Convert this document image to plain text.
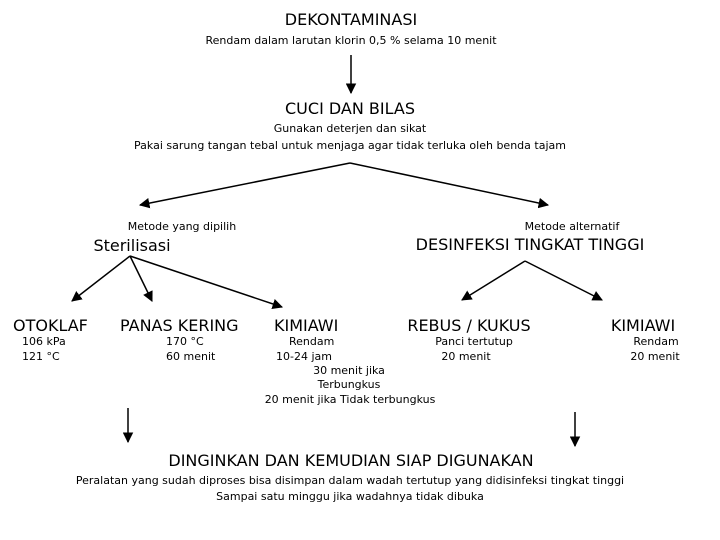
DEKONTAMINASI
Rendam dalam larutan klorin 0,5 % selama 10 menit
CUCI DAN BILAS
Gunakan deterjen dan sikat
Pakai sarung tangan tebal untuk menjaga agar tidak terluka oleh benda tajam
Metode yang dipilih
Sterilisasi
Metode alternatif
DESINFEKSI TINGKAT TINGGI
OTOKLAF
106 kPa
121 °C
PANAS KERING
170 °C
60 menit
KIMIAWI
Rendam
10-24 jam
30 menit jika
Terbungkus
20 menit jika Tidak terbungkus
REBUS / KUKUS
Panci tertutup
20 menit
KIMIAWI
Rendam
20 menit
DINGINKAN DAN KEMUDIAN SIAP DIGUNAKAN
Peralatan yang sudah diproses bisa disimpan dalam wadah tertutup yang didisinfeksi tingkat tinggi
Sampai satu minggu jika wadahnya tidak dibuka
